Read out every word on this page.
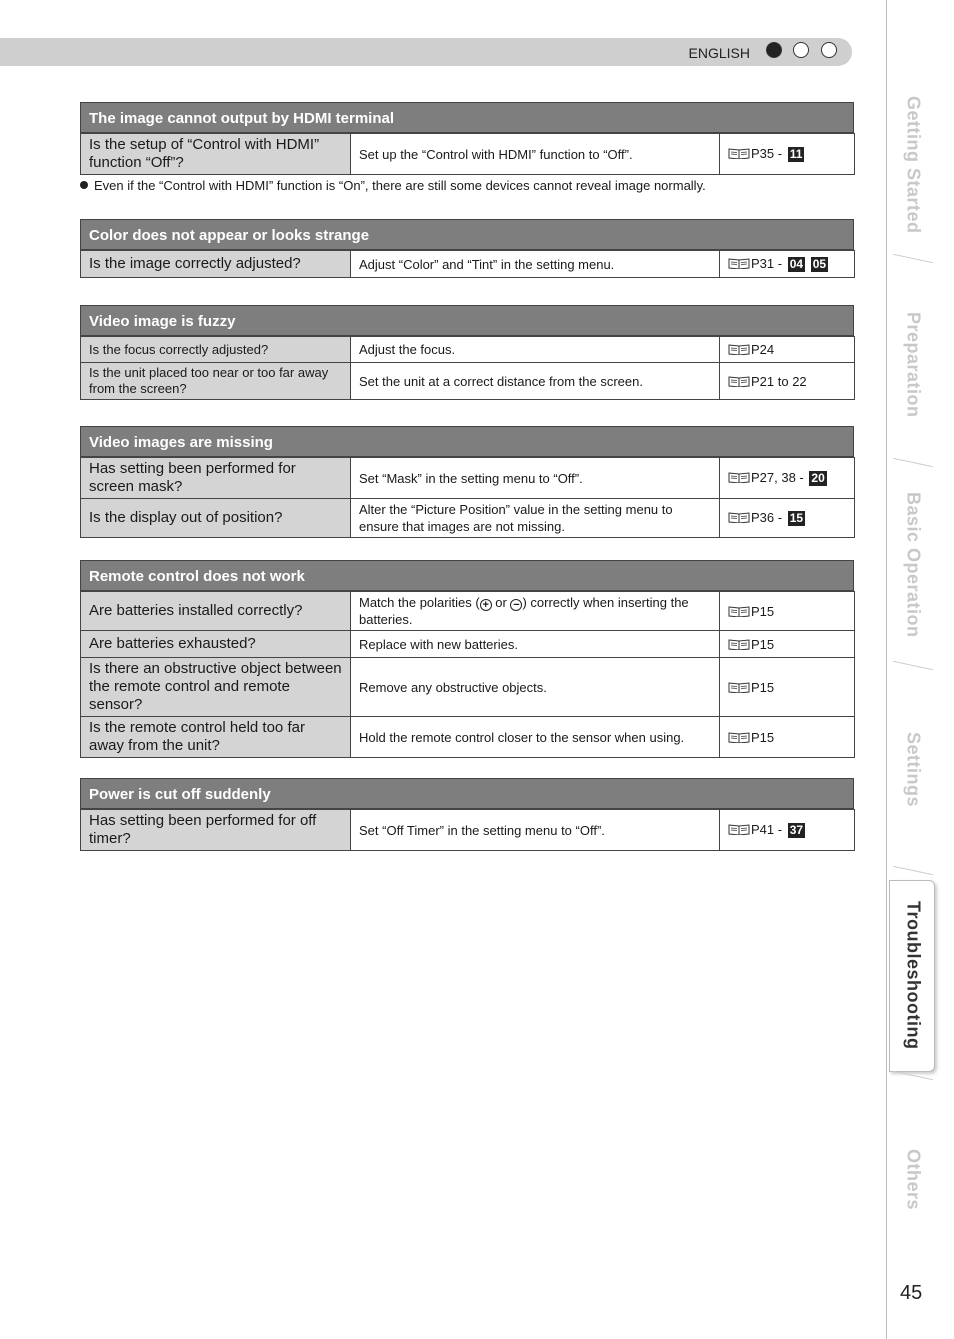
ENGLISH
The image cannot output by HDMI terminal
Is the setup of “Control with HDMI” function “Off”?	Set up the “Control with HDMI” function to “Off”.	P35 - 11
Even if the “Control with HDMI” function is “On”, there are still some devices cannot reveal image normally.
Color does not appear or looks strange
Is the image correctly adjusted?	Adjust “Color” and “Tint” in the setting menu.	P31 - 04 05
Video image is fuzzy
Is the focus correctly adjusted?	Adjust the focus.	P24
Is the unit placed too near or too far away from the screen?	Set the unit at a correct distance from the screen.	P21 to 22
Video images are missing
Has setting been performed for screen mask?	Set “Mask” in the setting menu to “Off”.	P27, 38 - 20
Is the display out of position?	Alter the “Picture Position” value in the setting menu to ensure that images are not missing.	P36 - 15
Remote control does not work
Are batteries installed correctly?	Match the polarities ( + or − ) correctly when inserting the batteries.	P15
Are batteries exhausted?	Replace with new batteries.	P15
Is there an obstructive object between the remote control and remote sensor?	Remove any obstructive objects.	P15
Is the remote control held too far away from the unit?	Hold the remote control closer to the sensor when using.	P15
Power is cut off suddenly
Has setting been performed for off timer?	Set “Off Timer” in the setting menu to “Off”.	P41 - 37
Getting Started
Preparation
Basic Operation
Settings
Troubleshooting
Others
45
